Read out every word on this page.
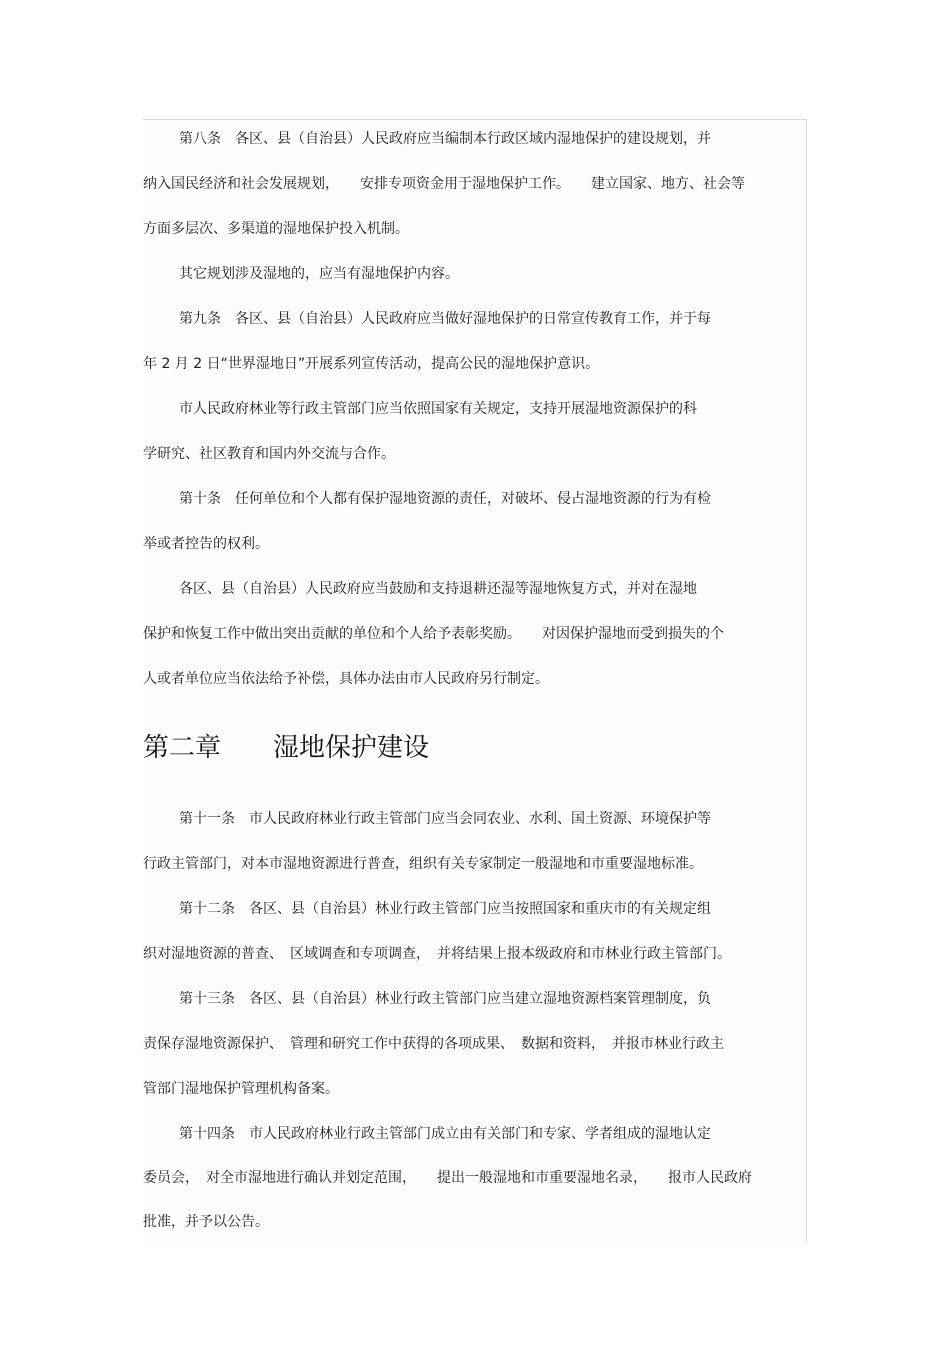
第八条　各区、县（自治县）人民政府应当编制本行政区域内湿地保护的建设规划，并
纳入国民经济和社会发展规划，　　安排专项资金用于湿地保护工作。　　建立国家、地方、社会等
方面多层次、多渠道的湿地保护投入机制。
其它规划涉及湿地的，应当有湿地保护内容。
第九条　各区、县（自治县）人民政府应当做好湿地保护的日常宣传教育工作，并于每
年 2 月 2 日“世界湿地日”开展系列宣传活动，提高公民的湿地保护意识。
市人民政府林业等行政主管部门应当依照国家有关规定，支持开展湿地资源保护的科
学研究、社区教育和国内外交流与合作。
第十条　任何单位和个人都有保护湿地资源的责任，对破坏、侵占湿地资源的行为有检
举或者控告的权利。
各区、县（自治县）人民政府应当鼓励和支持退耕还湿等湿地恢复方式，并对在湿地
保护和恢复工作中做出突出贡献的单位和个人给予表彰奖励。　　对因保护湿地而受到损失的个
人或者单位应当依法给予补偿，具体办法由市人民政府另行制定。
第二章　　湿地保护建设
第十一条　市人民政府林业行政主管部门应当会同农业、水利、国土资源、环境保护等
行政主管部门，对本市湿地资源进行普查，组织有关专家制定一般湿地和市重要湿地标准。
第十二条　各区、县（自治县）林业行政主管部门应当按照国家和重庆市的有关规定组
织对湿地资源的普查、　区域调查和专项调查，　并将结果上报本级政府和市林业行政主管部门。
第十三条　各区、县（自治县）林业行政主管部门应当建立湿地资源档案管理制度，负
责保存湿地资源保护、　管理和研究工作中获得的各项成果、　数据和资料，　并报市林业行政主
管部门湿地保护管理机构备案。
第十四条　市人民政府林业行政主管部门成立由有关部门和专家、学者组成的湿地认定
委员会，　对全市湿地进行确认并划定范围，　　提出一般湿地和市重要湿地名录，　　报市人民政府
批准，并予以公告。
